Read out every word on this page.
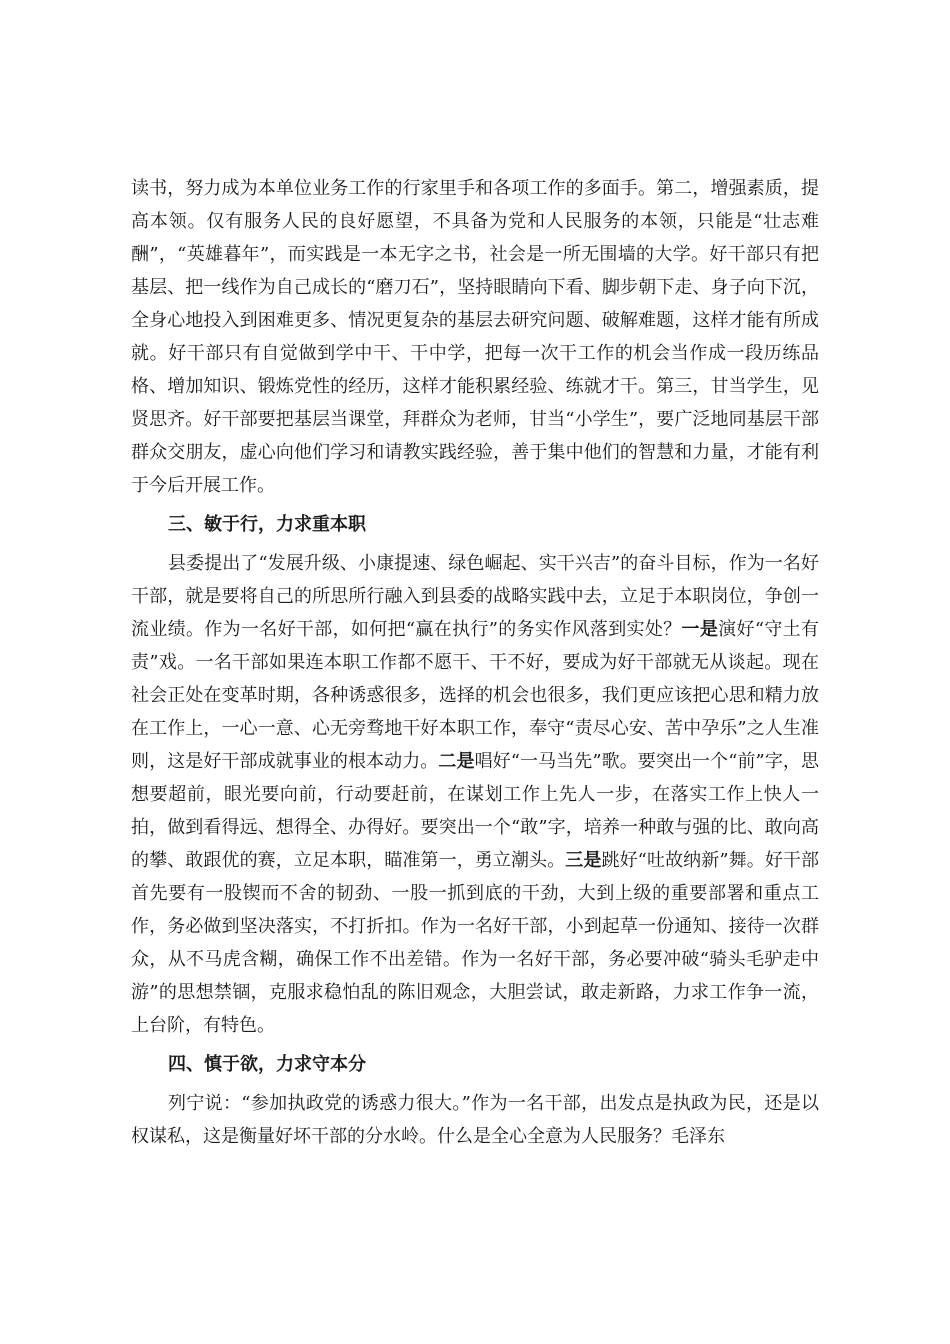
读书，努力成为本单位业务工作的行家里手和各项工作的多面手。第二，增强素质，提高本领。仅有服务人民的良好愿望，不具备为党和人民服务的本领，只能是“壮志难酬”，“英雄暮年”，而实践是一本无字之书，社会是一所无围墙的大学。好干部只有把基层、把一线作为自己成长的“磨刀石”，坚持眼睛向下看、脚步朝下走、身子向下沉，全身心地投入到困难更多、情况更复杂的基层去研究问题、破解难题，这样才能有所成就。好干部只有自觉做到学中干、干中学，把每一次干工作的机会当作成一段历练品格、增加知识、锻炼党性的经历，这样才能积累经验、练就才干。第三，甘当学生，见贤思齐。好干部要把基层当课堂，拜群众为老师，甘当“小学生”，要广泛地同基层干部群众交朋友，虚心向他们学习和请教实践经验，善于集中他们的智慧和力量，才能有利于今后开展工作。

三、敏于行，力求重本职

县委提出了“发展升级、小康提速、绿色崛起、实干兴吉”的奋斗目标，作为一名好干部，就是要将自己的所思所行融入到县委的战略实践中去，立足于本职岗位，争创一流业绩。作为一名好干部，如何把“赢在执行”的务实作风落到实处？一是演好“守土有责”戏。一名干部如果连本职工作都不愿干、干不好，要成为好干部就无从谈起。现在社会正处在变革时期，各种诱惑很多，选择的机会也很多，我们更应该把心思和精力放在工作上，一心一意、心无旁骛地干好本职工作，奉守“责尽心安、苦中孕乐”之人生准则，这是好干部成就事业的根本动力。二是唱好“一马当先”歌。要突出一个“前”字，思想要超前，眼光要向前，行动要赶前，在谋划工作上先人一步，在落实工作上快人一拍，做到看得远、想得全、办得好。要突出一个“敢”字，培养一种敢与强的比、敢向高的攀、敢跟优的赛，立足本职，瞄准第一，勇立潮头。三是跳好“吐故纳新”舞。好干部首先要有一股锲而不舍的韧劲、一股一抓到底的干劲，大到上级的重要部署和重点工作，务必做到坚决落实，不打折扣。作为一名好干部，小到起草一份通知、接待一次群众，从不马虎含糊，确保工作不出差错。作为一名好干部，务必要冲破“骑头毛驴走中游”的思想禁锢，克服求稳怕乱的陈旧观念，大胆尝试，敢走新路，力求工作争一流，上台阶，有特色。

四、慎于欲，力求守本分

列宁说：“参加执政党的诱惑力很大。”作为一名干部，出发点是执政为民，还是以权谋私，这是衡量好坏干部的分水岭。什么是全心全意为人民服务？毛泽东
